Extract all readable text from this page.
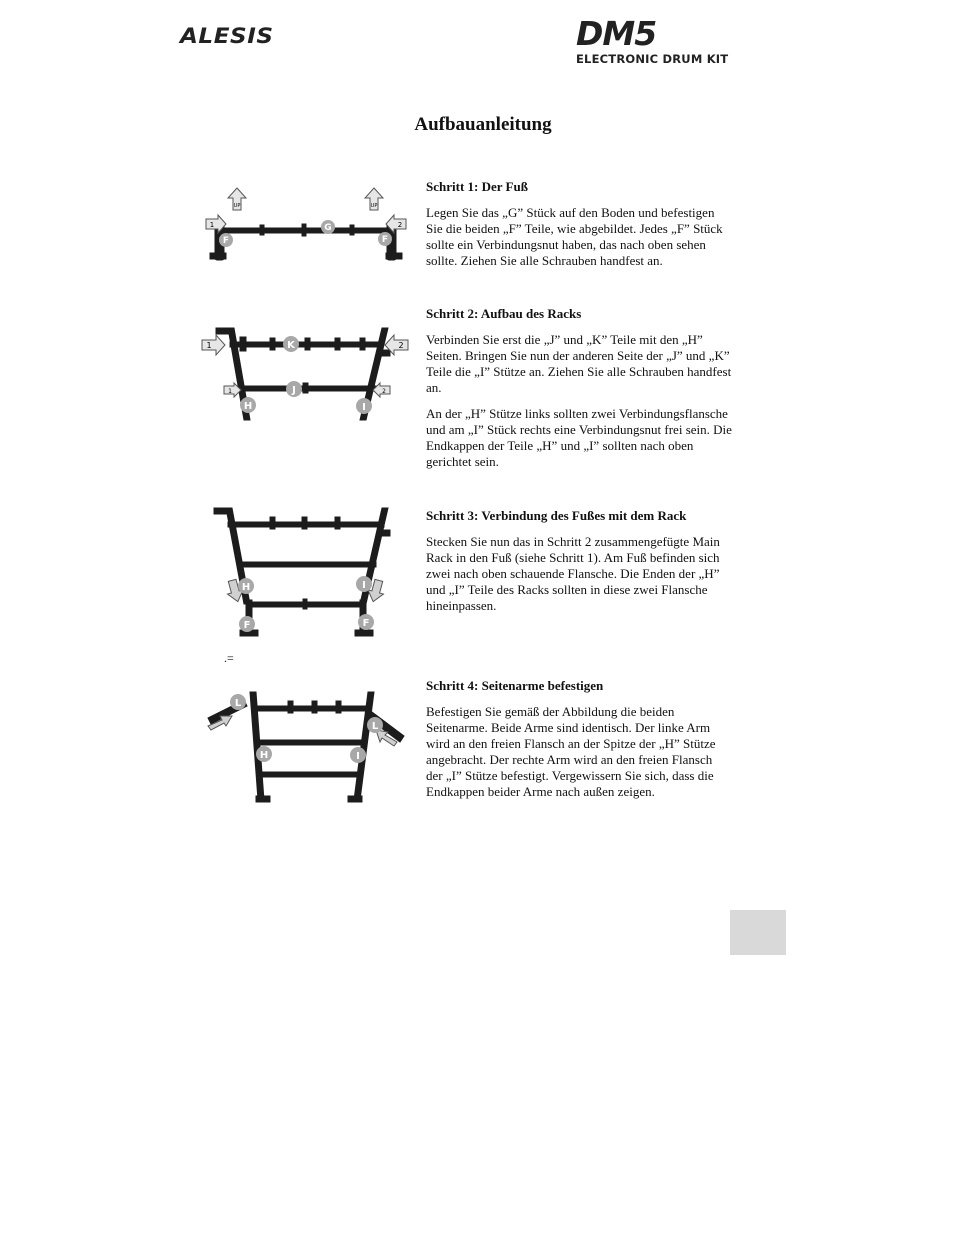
ALESIS	DM5
ELECTRONIC DRUM KIT
Aufbauanleitung
UP	UP
1	2
G
F	F
Schritt 1: Der Fuß

Legen Sie das „G” Stück auf den Boden und befestigen Sie die beiden „F” Teile, wie abgebildet. Jedes „F” Stück sollte ein Verbindungsnut haben, das nach oben sehen sollte. Ziehen Sie alle Schrauben handfest an.

1	2
1	2
K
J
H	I
Schritt 2: Aufbau des Racks

Verbinden Sie erst die „J” und „K” Teile mit den „H” Seiten. Bringen Sie nun der anderen Seite der „J” und „K” Teile die „I” Stütze an. Ziehen Sie alle Schrauben handfest an.

An der „H” Stütze links sollten zwei Verbindungsflansche und am „I” Stück rechts eine Verbindungsnut frei sein. Die Endkappen der Teile „H” und „I” sollten nach oben gerichtet sein.

H	I
F	F
Schritt 3: Verbindung des Fußes mit dem Rack

Stecken Sie nun das in Schritt 2 zusammengefügte Main Rack in den Fuß (siehe Schritt 1). Am Fuß befinden sich zwei nach oben schauende Flansche. Die Enden der „H” und „I” Teile des Racks sollten in diese zwei Flansche hineinpassen.

.=
L
L
H	I
Schritt 4: Seitenarme befestigen

Befestigen Sie gemäß der Abbildung die beiden Seitenarme. Beide Arme sind identisch. Der linke Arm wird an den freien Flansch an der Spitze der „H” Stütze angebracht. Der rechte Arm wird an den freien Flansch der „I” Stütze befestigt. Vergewissern Sie sich, dass die Endkappen beider Arme nach außen zeigen.
